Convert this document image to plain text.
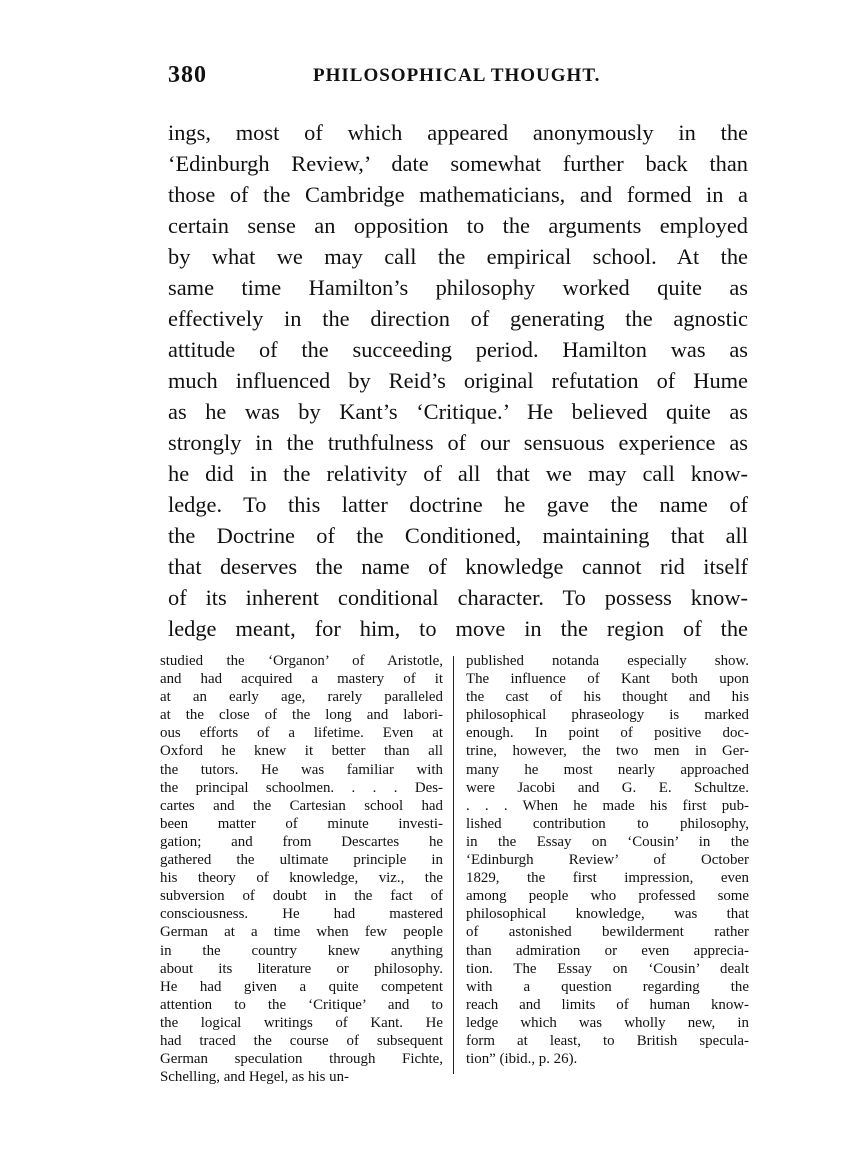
380	PHILOSOPHICAL THOUGHT.
ings, most of which appeared anonymously in the
‘Edinburgh Review,’ date somewhat further back than
those of the Cambridge mathematicians, and formed in a
certain sense an opposition to the arguments employed
by what we may call the empirical school. At the
same time Hamilton’s philosophy worked quite as
effectively in the direction of generating the agnostic
attitude of the succeeding period. Hamilton was as
much influenced by Reid’s original refutation of Hume
as he was by Kant’s ‘Critique.’ He believed quite as
strongly in the truthfulness of our sensuous experience as
he did in the relativity of all that we may call know-
ledge. To this latter doctrine he gave the name of
the Doctrine of the Conditioned, maintaining that all
that deserves the name of knowledge cannot rid itself
of its inherent conditional character. To possess know-
ledge meant, for him, to move in the region of the
studied the ‘Organon’ of Aristotle,
and had acquired a mastery of it
at an early age, rarely paralleled
at the close of the long and labori-
ous efforts of a lifetime. Even at
Oxford he knew it better than all
the tutors. He was familiar with
the principal schoolmen. . . . Des-
cartes and the Cartesian school had
been matter of minute investi-
gation; and from Descartes he
gathered the ultimate principle in
his theory of knowledge, viz., the
subversion of doubt in the fact of
consciousness. He had mastered
German at a time when few people
in the country knew anything
about its literature or philosophy.
He had given a quite competent
attention to the ‘Critique’ and to
the logical writings of Kant. He
had traced the course of subsequent
German speculation through Fichte,
Schelling, and Hegel, as his un-
published notanda especially show.
The influence of Kant both upon
the cast of his thought and his
philosophical phraseology is marked
enough. In point of positive doc-
trine, however, the two men in Ger-
many he most nearly approached
were Jacobi and G. E. Schultze.
. . . When he made his first pub-
lished contribution to philosophy,
in the Essay on ‘Cousin’ in the
‘Edinburgh Review’ of October
1829, the first impression, even
among people who professed some
philosophical knowledge, was that
of astonished bewilderment rather
than admiration or even apprecia-
tion. The Essay on ‘Cousin’ dealt
with a question regarding the
reach and limits of human know-
ledge which was wholly new, in
form at least, to British specula-
tion” (ibid., p. 26).
